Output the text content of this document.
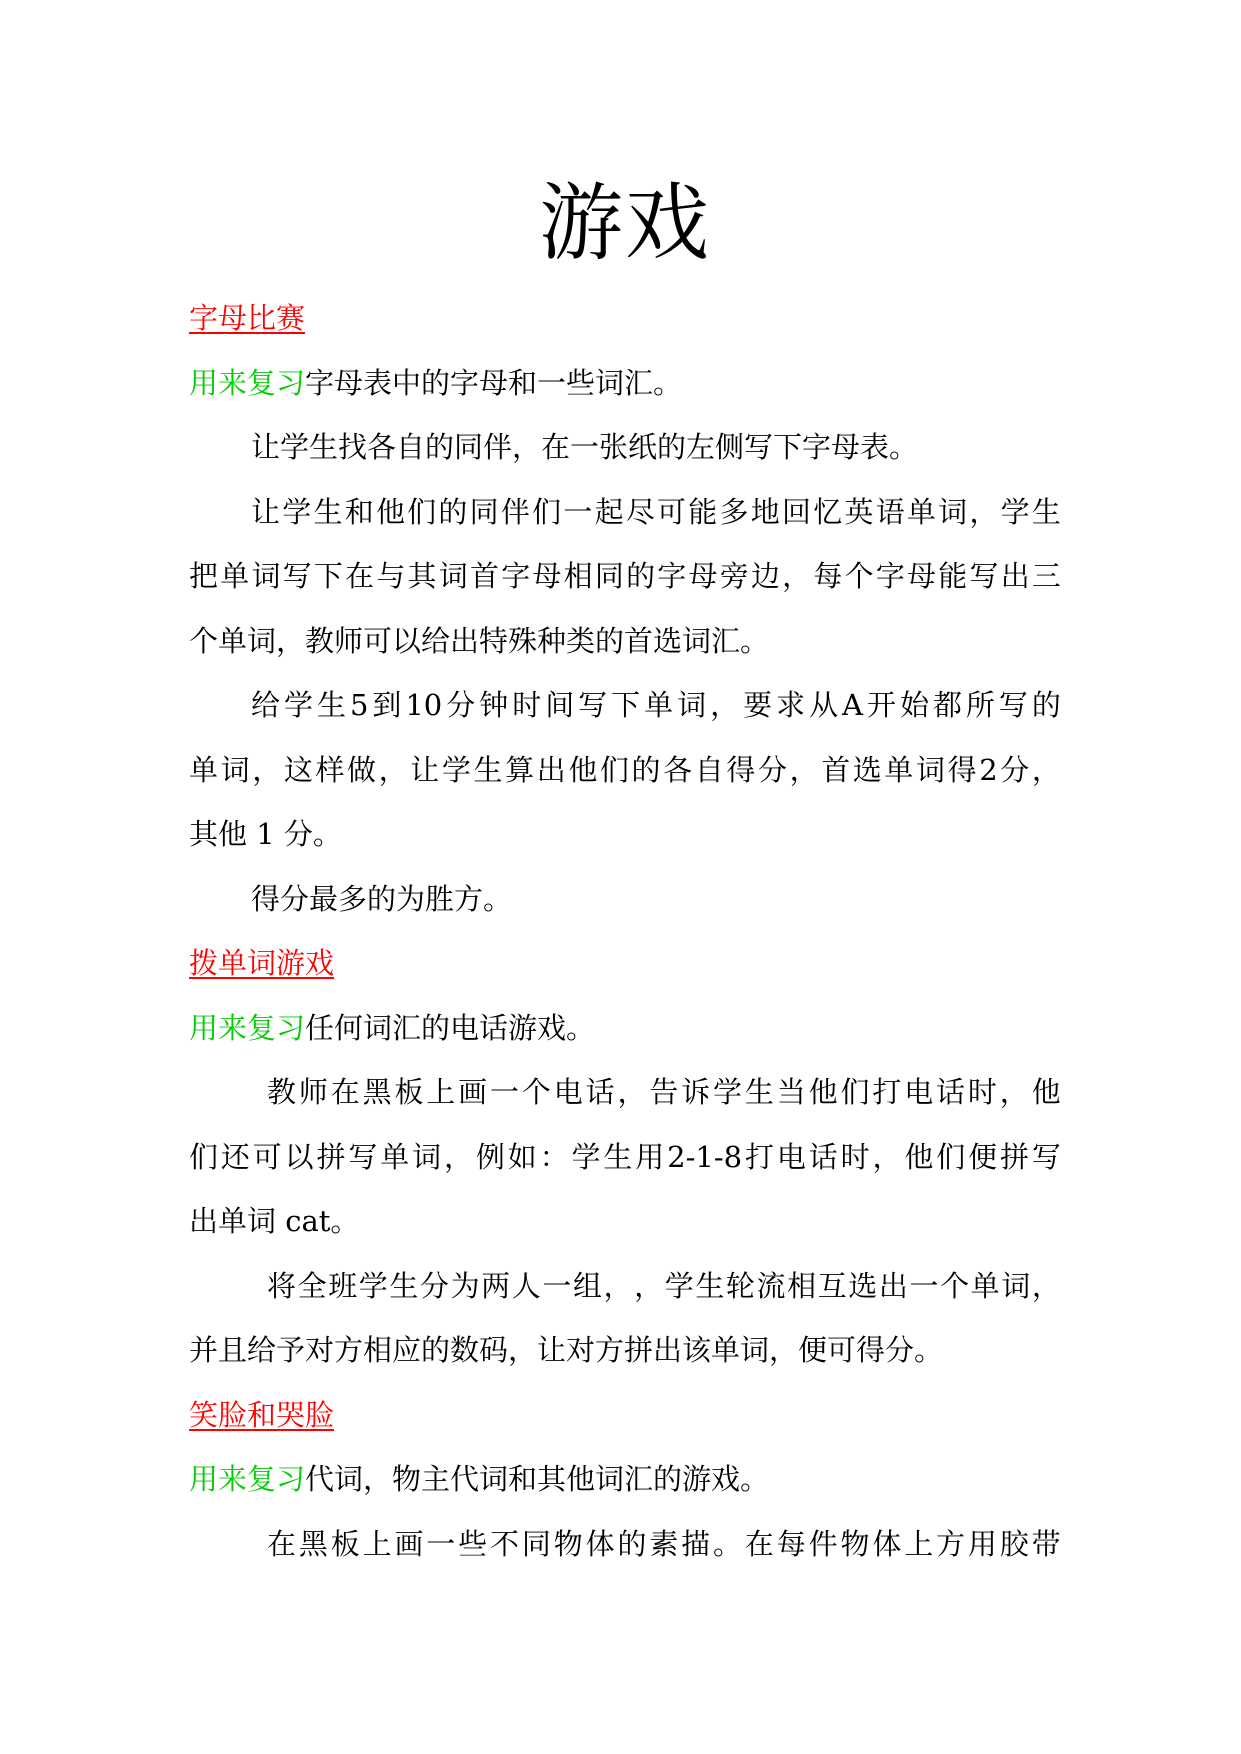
游戏
字母比赛
用来复习字母表中的字母和一些词汇。
让学生找各自的同伴，在一张纸的左侧写下字母表。
让 学 生 和 他 们 的 同 伴 们 一 起 尽 可 能 多 地 回 忆 英 语 单 词 ， 学 生
把 单 词 写 下 在 与 其 词 首 字 母 相 同 的 字 母 旁 边 ， 每 个 字 母 能 写 出 三
个单词，教师可以给出特殊种类的首选词汇。
给 学 生 5 到 10 分 钟 时 间 写 下 单 词 ， 要 求 从 A 开 始 都 所 写 的
单 词 ， 这 样 做 ， 让 学 生 算 出 他 们 的 各 自 得 分 ， 首 选 单 词 得 2 分 ，
其他 1 分。
得分最多的为胜方。
拨单词游戏
用来复习任何词汇的电话游戏。
教 师 在 黑 板 上 画 一 个 电 话 ， 告 诉 学 生 当 他 们 打 电 话 时 ， 他
们 还 可 以 拼 写 单 词 ， 例 如 ： 学 生 用 2-1-8 打 电 话 时 ， 他 们 便 拼 写
出单词 cat。
将 全 班 学 生 分 为 两 人 一 组 ， ， 学 生 轮 流 相 互 选 出 一 个 单 词 ，
并且给予对方相应的数码，让对方拼出该单词，便可得分。
笑脸和哭脸
用来复习代词，物主代词和其他词汇的游戏。
在 黑 板 上 画 一 些 不 同 物 体 的 素 描 。 在 每 件 物 体 上 方 用 胶 带
